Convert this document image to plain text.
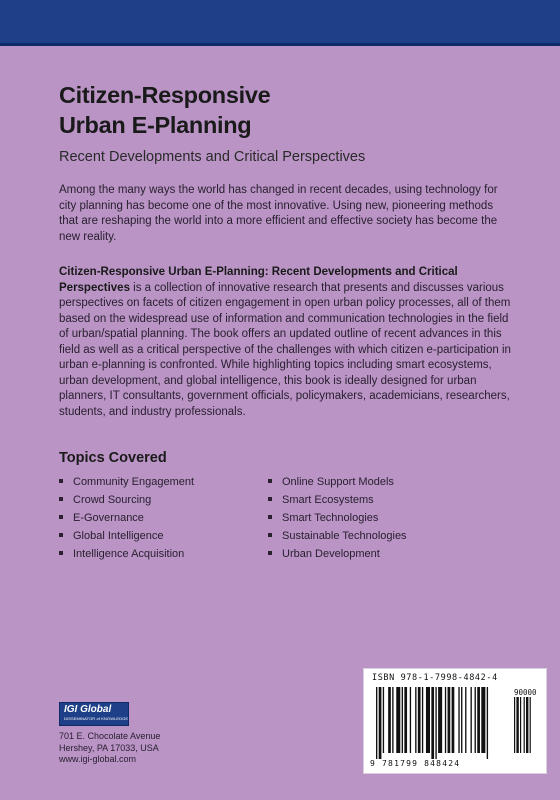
Citizen-Responsive
Urban E-Planning
Recent Developments and Critical Perspectives

Among the many ways the world has changed in recent decades, using technology for city planning has become one of the most innovative. Using new, pioneering methods that are reshaping the world into a more efficient and effective society has become the new reality.

Citizen-Responsive Urban E-Planning: Recent Developments and Critical Perspectives is a collection of innovative research that presents and discusses various perspectives on facets of citizen engagement in open urban policy processes, all of them based on the widespread use of information and communication technologies in the field of urban/spatial planning. The book offers an updated outline of recent advances in this field as well as a critical perspective of the challenges with which citizen e-participation in urban e-planning is confronted. While highlighting topics including smart ecosystems, urban development, and global intelligence, this book is ideally designed for urban planners, IT consultants, government officials, policymakers, academicians, researchers, students, and industry professionals.

Topics Covered
Community Engagement
Crowd Sourcing
E-Governance
Global Intelligence
Intelligence Acquisition
Online Support Models
Smart Ecosystems
Smart Technologies
Sustainable Technologies
Urban Development
IGI Global
DISSEMINATOR of KNOWLEDGE
701 E. Chocolate Avenue
Hershey, PA 17033, USA
www.igi-global.com
ISBN 978-1-7998-4842-4
90000
9 781799 848424
